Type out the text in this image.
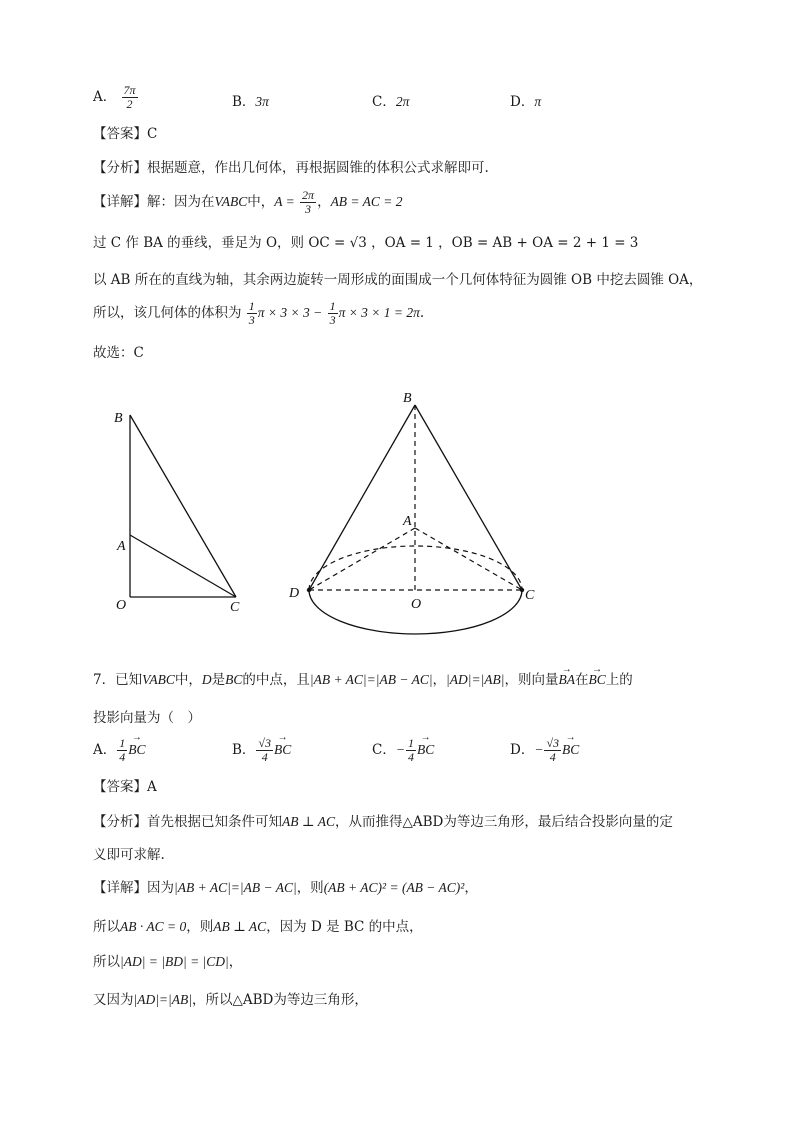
A． $\frac{7\pi}{2}$	B．3π	C．2π	D．π
【答案】C
【分析】根据题意，作出几何体，再根据圆锥的体积公式求解即可.
【详解】解：因为在VABC中，$A = \frac{2\pi}{3}$ ，AB = AC = 2
过 C 作 BA 的垂线，垂足为 O，则 OC = √3 ，OA = 1 ，OB = AB + OA = 2 + 1 = 3
以 AB 所在的直线为轴，其余两边旋转一周形成的面围成一个几何体特征为圆锥 OB 中挖去圆锥 OA，
所以，该几何体的体积为 $\frac{1}{3}$ $\pi \times 3 \times 3 - \frac{1}{3}$ π × 3 × 1 = 2π.
故选：C
B
A
O	C
B
A
D
O
C
7．已知VABC中，D是BC的中点，且|AB + AC|=|AB − AC|，|AD|=|AB|，则向量→ BA在→ BC上的
投影向量为（　）
A． $\frac{1}{4}$ → BC	B． $\frac{√3}{4}$ → BC	C．− $\frac{1}{4}$ → BC	D．− $\frac{√3}{4}$ → BC
【答案】A
【分析】首先根据已知条件可知AB ⊥ AC，从而推得△ABD为等边三角形，最后结合投影向量的定
义即可求解.
【详解】因为|AB + AC|=|AB − AC|，则(AB + AC)² = (AB − AC)²，
所以AB · AC = 0，则AB ⊥ AC，因为 D 是 BC 的中点，
所以|AD| = |BD| = |CD|，
又因为|AD|=|AB|，所以△ABD为等边三角形，
